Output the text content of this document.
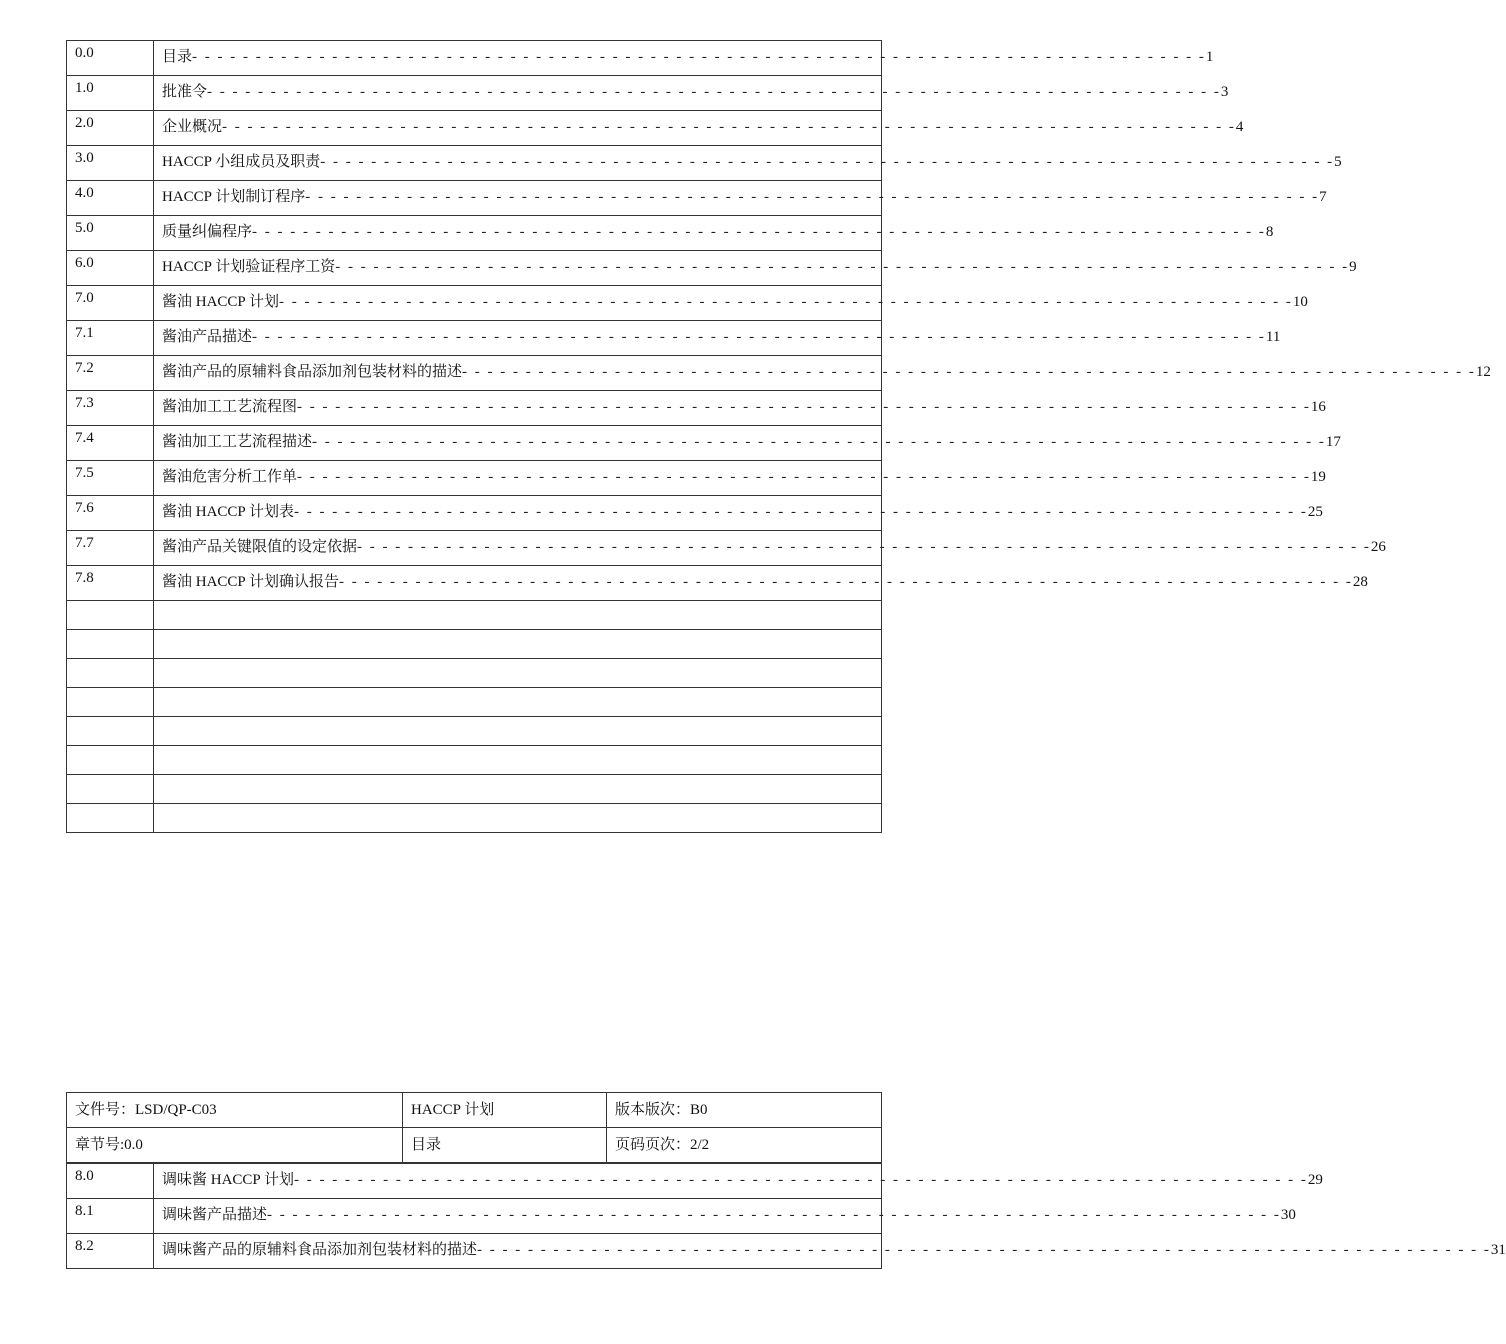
0.0	目录 - - - - - - - - - - - - - - - - - - - - - - - - - - - - - - - - - - - - - - - - - - - - - - - - - - - - - - - - - - - - - - - - - - - - - - - - - - - - - - - - 1

1.0	批准令 - - - - - - - - - - - - - - - - - - - - - - - - - - - - - - - - - - - - - - - - - - - - - - - - - - - - - - - - - - - - - - - - - - - - - - - - - - - - - - - - 3

2.0	企业概况 - - - - - - - - - - - - - - - - - - - - - - - - - - - - - - - - - - - - - - - - - - - - - - - - - - - - - - - - - - - - - - - - - - - - - - - - - - - - - - - - 4

3.0	HACCP 小组成员及职责 - - - - - - - - - - - - - - - - - - - - - - - - - - - - - - - - - - - - - - - - - - - - - - - - - - - - - - - - - - - - - - - - - - - - - - - - - - - - - - - - 5

4.0	HACCP 计划制订程序 - - - - - - - - - - - - - - - - - - - - - - - - - - - - - - - - - - - - - - - - - - - - - - - - - - - - - - - - - - - - - - - - - - - - - - - - - - - - - - - - 7

5.0	质量纠偏程序 - - - - - - - - - - - - - - - - - - - - - - - - - - - - - - - - - - - - - - - - - - - - - - - - - - - - - - - - - - - - - - - - - - - - - - - - - - - - - - - - 8

6.0	HACCP 计划验证程序工资 - - - - - - - - - - - - - - - - - - - - - - - - - - - - - - - - - - - - - - - - - - - - - - - - - - - - - - - - - - - - - - - - - - - - - - - - - - - - - - - - 9

7.0	酱油 HACCP 计划 - - - - - - - - - - - - - - - - - - - - - - - - - - - - - - - - - - - - - - - - - - - - - - - - - - - - - - - - - - - - - - - - - - - - - - - - - - - - - - - - 10

7.1	酱油产品描述 - - - - - - - - - - - - - - - - - - - - - - - - - - - - - - - - - - - - - - - - - - - - - - - - - - - - - - - - - - - - - - - - - - - - - - - - - - - - - - - - 11

7.2	酱油产品的原辅料食品添加剂包装材料的描述 - - - - - - - - - - - - - - - - - - - - - - - - - - - - - - - - - - - - - - - - - - - - - - - - - - - - - - - - - - - - - - - - - - - - - - - - - - - - - - - - 12

7.3	酱油加工工艺流程图 - - - - - - - - - - - - - - - - - - - - - - - - - - - - - - - - - - - - - - - - - - - - - - - - - - - - - - - - - - - - - - - - - - - - - - - - - - - - - - - - 16

7.4	酱油加工工艺流程描述 - - - - - - - - - - - - - - - - - - - - - - - - - - - - - - - - - - - - - - - - - - - - - - - - - - - - - - - - - - - - - - - - - - - - - - - - - - - - - - - - 17

7.5	酱油危害分析工作单 - - - - - - - - - - - - - - - - - - - - - - - - - - - - - - - - - - - - - - - - - - - - - - - - - - - - - - - - - - - - - - - - - - - - - - - - - - - - - - - - 19

7.6	酱油 HACCP 计划表 - - - - - - - - - - - - - - - - - - - - - - - - - - - - - - - - - - - - - - - - - - - - - - - - - - - - - - - - - - - - - - - - - - - - - - - - - - - - - - - - 25

7.7	酱油产品关键限值的设定依据 - - - - - - - - - - - - - - - - - - - - - - - - - - - - - - - - - - - - - - - - - - - - - - - - - - - - - - - - - - - - - - - - - - - - - - - - - - - - - - - - 26

7.8	酱油 HACCP 计划确认报告 - - - - - - - - - - - - - - - - - - - - - - - - - - - - - - - - - - - - - - - - - - - - - - - - - - - - - - - - - - - - - - - - - - - - - - - - - - - - - - - - 28

文件号：LSD/QP-C03	HACCP 计划	版本版次：B0
章节号:0.0	目录	页码页次：2/2
8.0	调味酱 HACCP 计划 - - - - - - - - - - - - - - - - - - - - - - - - - - - - - - - - - - - - - - - - - - - - - - - - - - - - - - - - - - - - - - - - - - - - - - - - - - - - - - - - 29

8.1	调味酱产品描述 - - - - - - - - - - - - - - - - - - - - - - - - - - - - - - - - - - - - - - - - - - - - - - - - - - - - - - - - - - - - - - - - - - - - - - - - - - - - - - - - 30

8.2	调味酱产品的原辅料食品添加剂包装材料的描述 - - - - - - - - - - - - - - - - - - - - - - - - - - - - - - - - - - - - - - - - - - - - - - - - - - - - - - - - - - - - - - - - - - - - - - - - - - - - - - - - 31
